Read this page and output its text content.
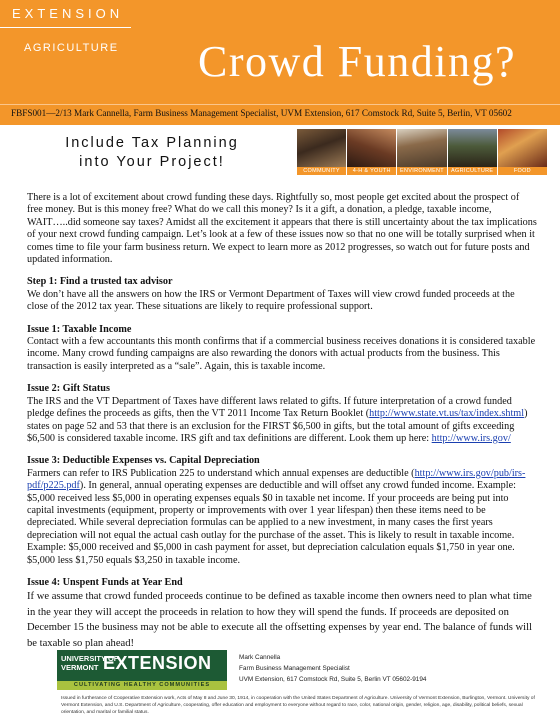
EXTENSION
AGRICULTURE Crowd Funding?
FBFS001—2/13 Mark Cannella, Farm Business Management Specialist, UVM Extension, 617 Comstock Rd, Suite 5, Berlin, VT 05602
Include Tax Planning
into Your Project!
COMMUNITY	4-H & YOUTH	ENVIRONMENT	AGRICULTURE	FOOD

There is a lot of excitement about crowd funding these days. Rightfully so, most people get excited about the prospect of free money. But is this money free? What do we call this money? Is it a gift, a donation, a pledge, taxable income, WAIT…..did someone say taxes? Amidst all the excitement it appears that there is still uncertainty about the tax implications of your next crowd funding campaign. Let’s look at a few of these issues now so that no one will be totally surprised when it comes time to file your farm business return. We expect to learn more as 2012 progresses, so watch out for future posts and updated information.

Step 1: Find a trusted tax advisor
We don’t have all the answers on how the IRS or Vermont Department of Taxes will view crowd funded proceeds at the close of the 2012 tax year. These situations are likely to require professional support.
Issue 1: Taxable Income
Contact with a few accountants this month confirms that if a commercial business receives donations it is considered taxable income. Many crowd funding campaigns are also rewarding the donors with actual products from the business. This transaction is easily interpreted as a “sale”. Again, this is taxable income.
Issue 2: Gift Status
The IRS and the VT Department of Taxes have different laws related to gifts. If future interpretation of a crowd funded pledge defines the proceeds as gifts, then the VT 2011 Income Tax Return Booklet (http://www.state.vt.us/tax/index.shtml) states on page 52 and 53 that there is an exclusion for the FIRST $6,500 in gifts, but the total amount of gifts exceeding $6,500 is considered taxable income. IRS gift and tax definitions are different. Look them up here: http://www.irs.gov/
Issue 3: Deductible Expenses vs. Capital Depreciation
Farmers can refer to IRS Publication 225 to understand which annual expenses are deductible (http://www.irs.gov/pub/irs-pdf/p225.pdf). In general, annual operating expenses are deductible and will offset any crowd funded income. Example: $5,000 received less $5,000 in operating expenses equals $0 in taxable net income. If your proceeds are being put into capital investments (equipment, property or improvements with over 1 year lifespan) then these items need to be depreciated. While several depreciation formulas can be applied to a new investment, in many cases the first years depreciation will not equal the actual cash outlay for the purchase of the asset. This is likely to result in taxable income. Example: $5,000 received and $5,000 in cash payment for asset, but depreciation calculation equals $1,750 in year one. $5,000 less $1,750 equals $3,250 in taxable income.
Issue 4: Unspent Funds at Year End
If we assume that crowd funded proceeds continue to be defined as taxable income then owners need to plan what time in the year they will accept the proceeds in relation to how they will spend the funds. If proceeds are deposited on December 15 the business may not be able to execute all the offsetting expenses by year end. The balance of funds will be taxable so plan ahead!
UNIVERSITY OF
VERMONT EXTENSION
CULTIVATING HEALTHY COMMUNITIES
Mark Cannella
Farm Business Management Specialist
UVM Extension, 617 Comstock Rd, Suite 5, Berlin VT 05602-9194
Issued in furtherance of Cooperative Extension work, Acts of May 8 and June 30, 1914, in cooperation with the United States Department of Agriculture. University of Vermont Extension, Burlington, Vermont. University of Vermont Extension, and U.S. Department of Agriculture, cooperating, offer education and employment to everyone without regard to race, color, national origin, gender, religion, age, disability, political beliefs, sexual orientation, and marital or familial status.
